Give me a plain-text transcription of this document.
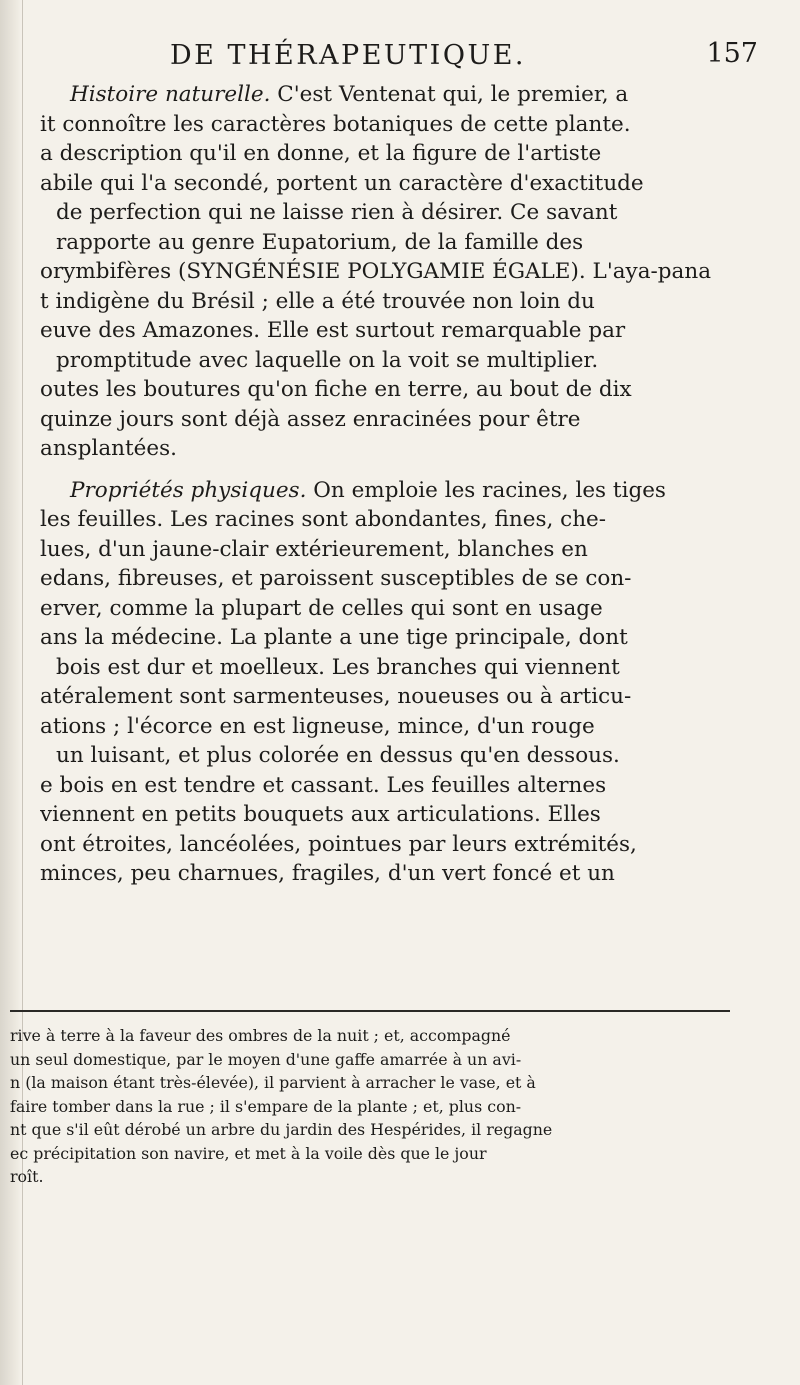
DE THÉRAPEUTIQUE.	157
Histoire naturelle. C'est Ventenat qui, le premier, a
it connoître les caractères botaniques de cette plante.
a description qu'il en donne, et la figure de l'artiste
abile qui l'a secondé, portent un caractère d'exactitude
de perfection qui ne laisse rien à désirer. Ce savant
rapporte au genre Eupatorium, de la famille des
orymbifères (SYNGÉNÉSIE POLYGAMIE ÉGALE). L'aya-pana
t indigène du Brésil ; elle a été trouvée non loin du
euve des Amazones. Elle est surtout remarquable par
promptitude avec laquelle on la voit se multiplier.
outes les boutures qu'on fiche en terre, au bout de dix
quinze jours sont déjà assez enracinées pour être
ansplantées.
Propriétés physiques. On emploie les racines, les tiges
les feuilles. Les racines sont abondantes, fines, che-
lues, d'un jaune-clair extérieurement, blanches en
edans, fibreuses, et paroissent susceptibles de se con-
erver, comme la plupart de celles qui sont en usage
ans la médecine. La plante a une tige principale, dont
bois est dur et moelleux. Les branches qui viennent
atéralement sont sarmenteuses, noueuses ou à articu-
ations ; l'écorce en est ligneuse, mince, d'un rouge
un luisant, et plus colorée en dessus qu'en dessous.
e bois en est tendre et cassant. Les feuilles alternes
viennent en petits bouquets aux articulations. Elles
ont étroites, lancéolées, pointues par leurs extrémités,
minces, peu charnues, fragiles, d'un vert foncé et un
rive à terre à la faveur des ombres de la nuit ; et, accompagné
un seul domestique, par le moyen d'une gaffe amarrée à un avi-
n (la maison étant très-élevée), il parvient à arracher le vase, et à
faire tomber dans la rue ; il s'empare de la plante ; et, plus con-
nt que s'il eût dérobé un arbre du jardin des Hespérides, il regagne
ec précipitation son navire, et met à la voile dès que le jour
roît.
